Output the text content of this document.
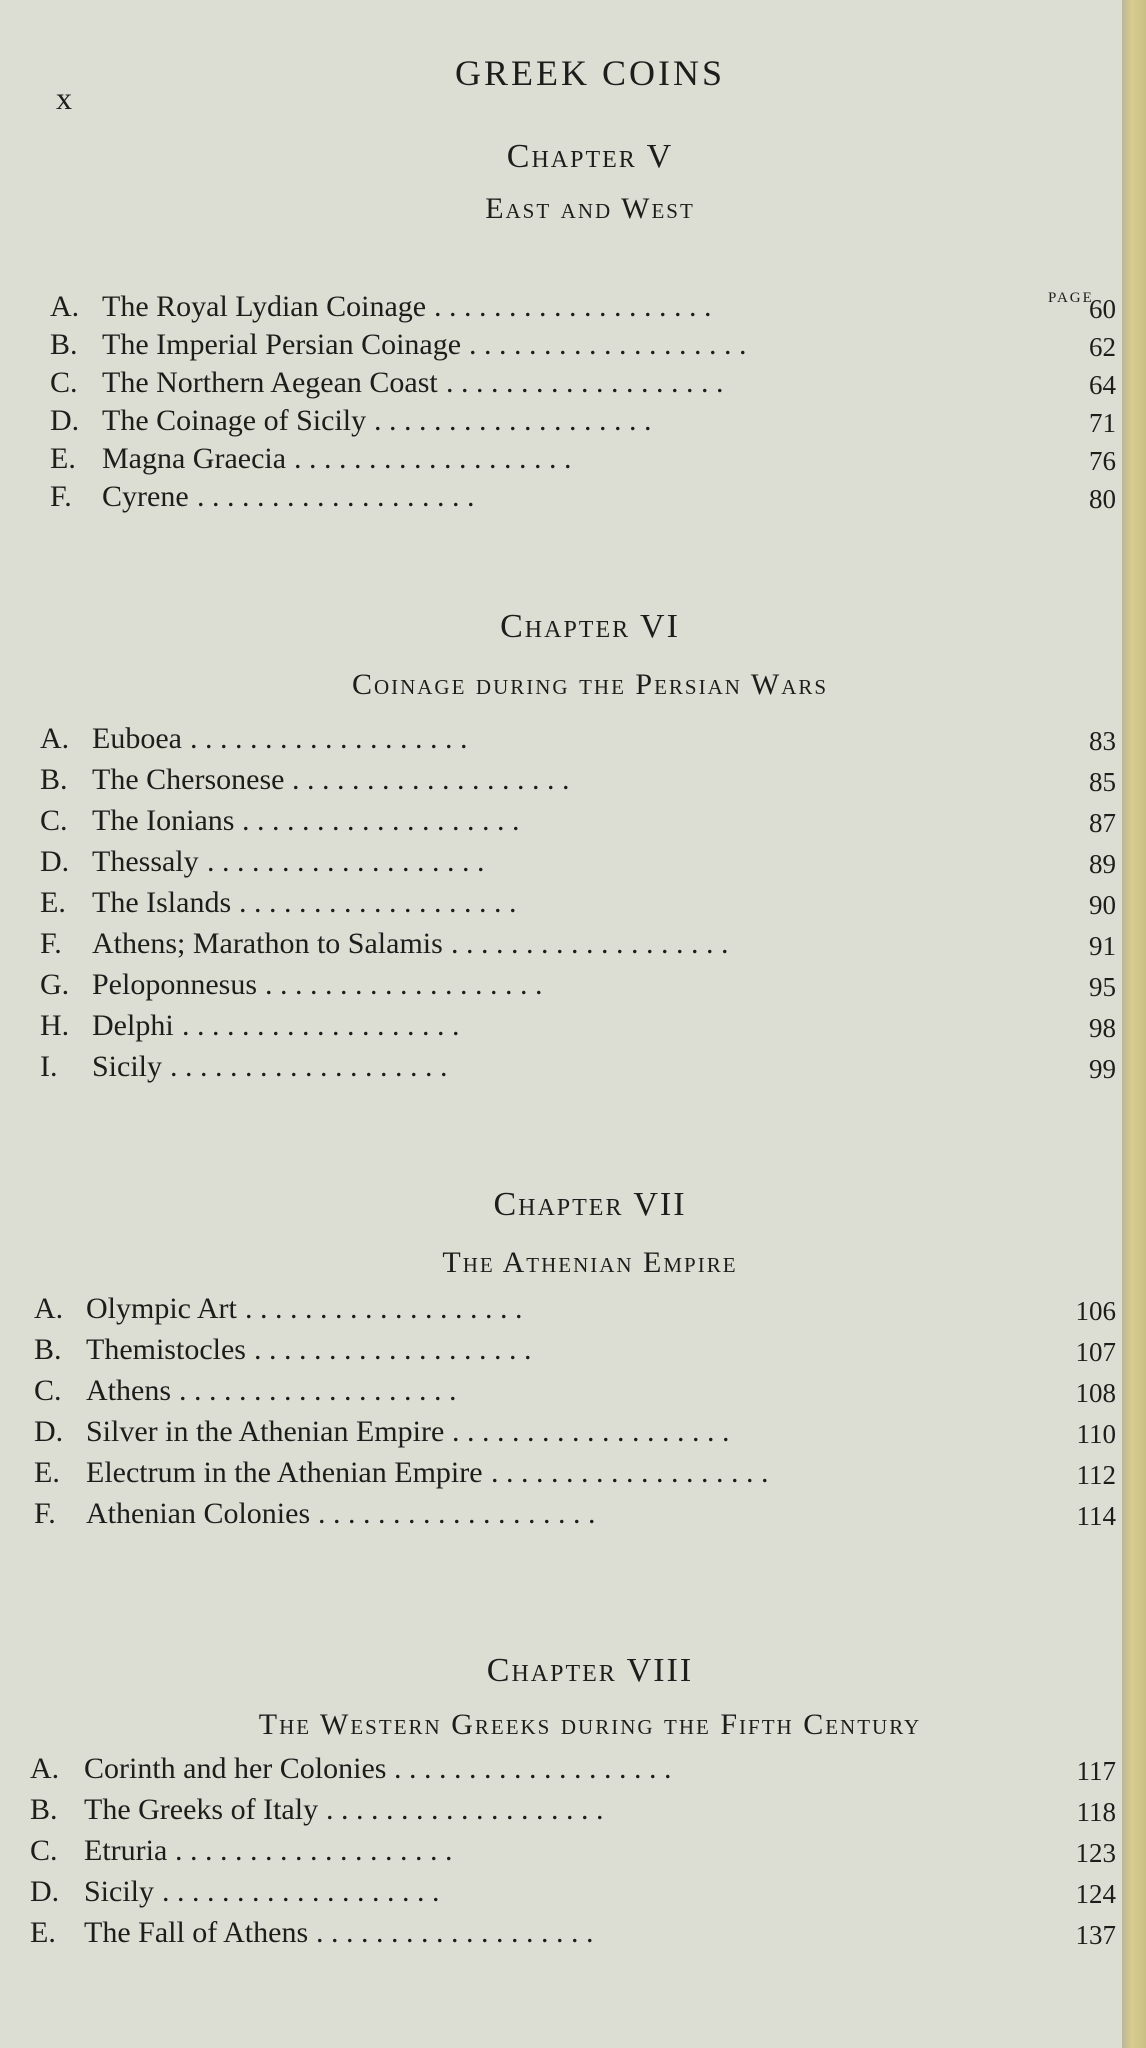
x
GREEK COINS
page
A. The Royal Lydian Coinage	60
. . . . . . . . . . . . . . . . . . .
B. The Imperial Persian Coinage	62
. . . . . . . . . . . . . . . . . . .
C. The Northern Aegean Coast	64
. . . . . . . . . . . . . . . . . . .
D. The Coinage of Sicily	71
. . . . . . . . . . . . . . . . . . .
E. Magna Graecia	76
. . . . . . . . . . . . . . . . . . .
F. Cyrene	80
. . . . . . . . . . . . . . . . . . .
A. Euboea	83
. . . . . . . . . . . . . . . . . . .
B. The Chersonese	85
. . . . . . . . . . . . . . . . . . .
C. The Ionians	87
. . . . . . . . . . . . . . . . . . .
D. Thessaly	89
. . . . . . . . . . . . . . . . . . .
E. The Islands	90
. . . . . . . . . . . . . . . . . . .
F. Athens; Marathon to Salamis	91
. . . . . . . . . . . . . . . . . . .
G. Peloponnesus	95
. . . . . . . . . . . . . . . . . . .
H. Delphi	98
. . . . . . . . . . . . . . . . . . .
I. Sicily	99
. . . . . . . . . . . . . . . . . . .
A. Olympic Art	106
. . . . . . . . . . . . . . . . . . .
B. Themistocles	107
. . . . . . . . . . . . . . . . . . .
C. Athens	108
. . . . . . . . . . . . . . . . . . .
D. Silver in the Athenian Empire	110
. . . . . . . . . . . . . . . . . . .
E. Electrum in the Athenian Empire	112
. . . . . . . . . . . . . . . . . . .
F. Athenian Colonies	114
. . . . . . . . . . . . . . . . . . .
A. Corinth and her Colonies	117
. . . . . . . . . . . . . . . . . . .
B. The Greeks of Italy	118
. . . . . . . . . . . . . . . . . . .
C. Etruria	123
. . . . . . . . . . . . . . . . . . .
D. Sicily	124
. . . . . . . . . . . . . . . . . . .
E. The Fall of Athens	137
. . . . . . . . . . . . . . . . . . .
Chapter V
East and West
Chapter VI
Coinage during the Persian Wars
Chapter VII
The Athenian Empire
Chapter VIII
The Western Greeks during the Fifth Century
